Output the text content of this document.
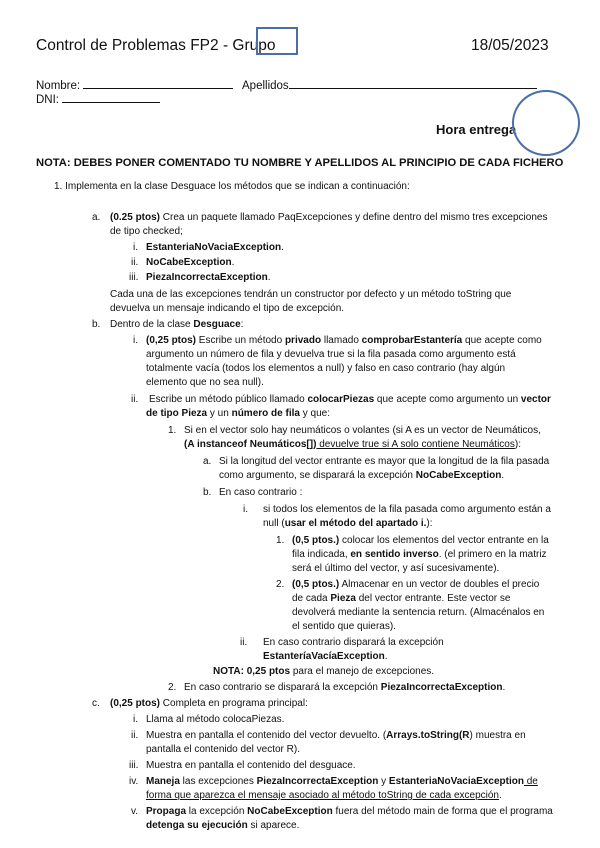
Control de Problemas FP2 - Grupo	18/05/2023
Nombre:	Apellidos
DNI:
Hora entrega
NOTA: DEBES PONER COMENTADO TU NOMBRE Y APELLIDOS AL PRINCIPIO DE CADA FICHERO
1. Implementa en la clase Desguace los métodos que se indican a continuación:
a. (0.25 ptos) Crea un paquete llamado PaqExcepciones y define dentro del mismo tres excepciones
de tipo checked;
i. EstanteriaNoVaciaException.
ii. NoCabeException.
iii. PiezaIncorrectaException.
Cada una de las excepciones tendrán un constructor por defecto y un método toString que
devuelva un mensaje indicando el tipo de excepción.
b. Dentro de la clase Desguace:
i. (0,25 ptos) Escribe un método privado llamado comprobarEstantería que acepte como
argumento un número de fila y devuelva true si la fila pasada como argumento está
totalmente vacía (todos los elementos a null) y falso en caso contrario (hay algún
elemento que no sea null).
ii. Escribe un método público llamado colocarPiezas que acepte como argumento un vector
de tipo Pieza y un número de fila y que:
1. Si en el vector solo hay neumáticos o volantes (si A es un vector de Neumáticos,
(A instanceof Neumáticos[]) devuelve true si A solo contiene Neumáticos):
a. Si la longitud del vector entrante es mayor que la longitud de la fila pasada
como argumento, se disparará la excepción NoCabeException.
b. En caso contrario :
i. si todos los elementos de la fila pasada como argumento están a
null (usar el método del apartado i.):
1. (0,5 ptos.) colocar los elementos del vector entrante en la
fila indicada, en sentido inverso. (el primero en la matriz
será el último del vector, y así sucesivamente).
2. (0,5 ptos.) Almacenar en un vector de doubles el precio
de cada Pieza del vector entrante. Este vector se
devolverá mediante la sentencia return. (Almacénalos en
el sentido que quieras).
ii. En caso contrario disparará la excepción
EstanteríaVacíaException.
NOTA: 0,25 ptos para el manejo de excepciones.
2. En caso contrario se disparará la excepción PiezaIncorrectaException.
c. (0,25 ptos) Completa en programa principal:
i. Llama al método colocaPiezas.
ii. Muestra en pantalla el contenido del vector devuelto. (Arrays.toString(R) muestra en
pantalla el contenido del vector R).
iii. Muestra en pantalla el contenido del desguace.
iv. Maneja las excepciones PiezaIncorrectaException y EstanteriaNoVaciaException de
forma que aparezca el mensaje asociado al método toString de cada excepción.
v. Propaga la excepción NoCabeException fuera del método main de forma que el programa
detenga su ejecución si aparece.
